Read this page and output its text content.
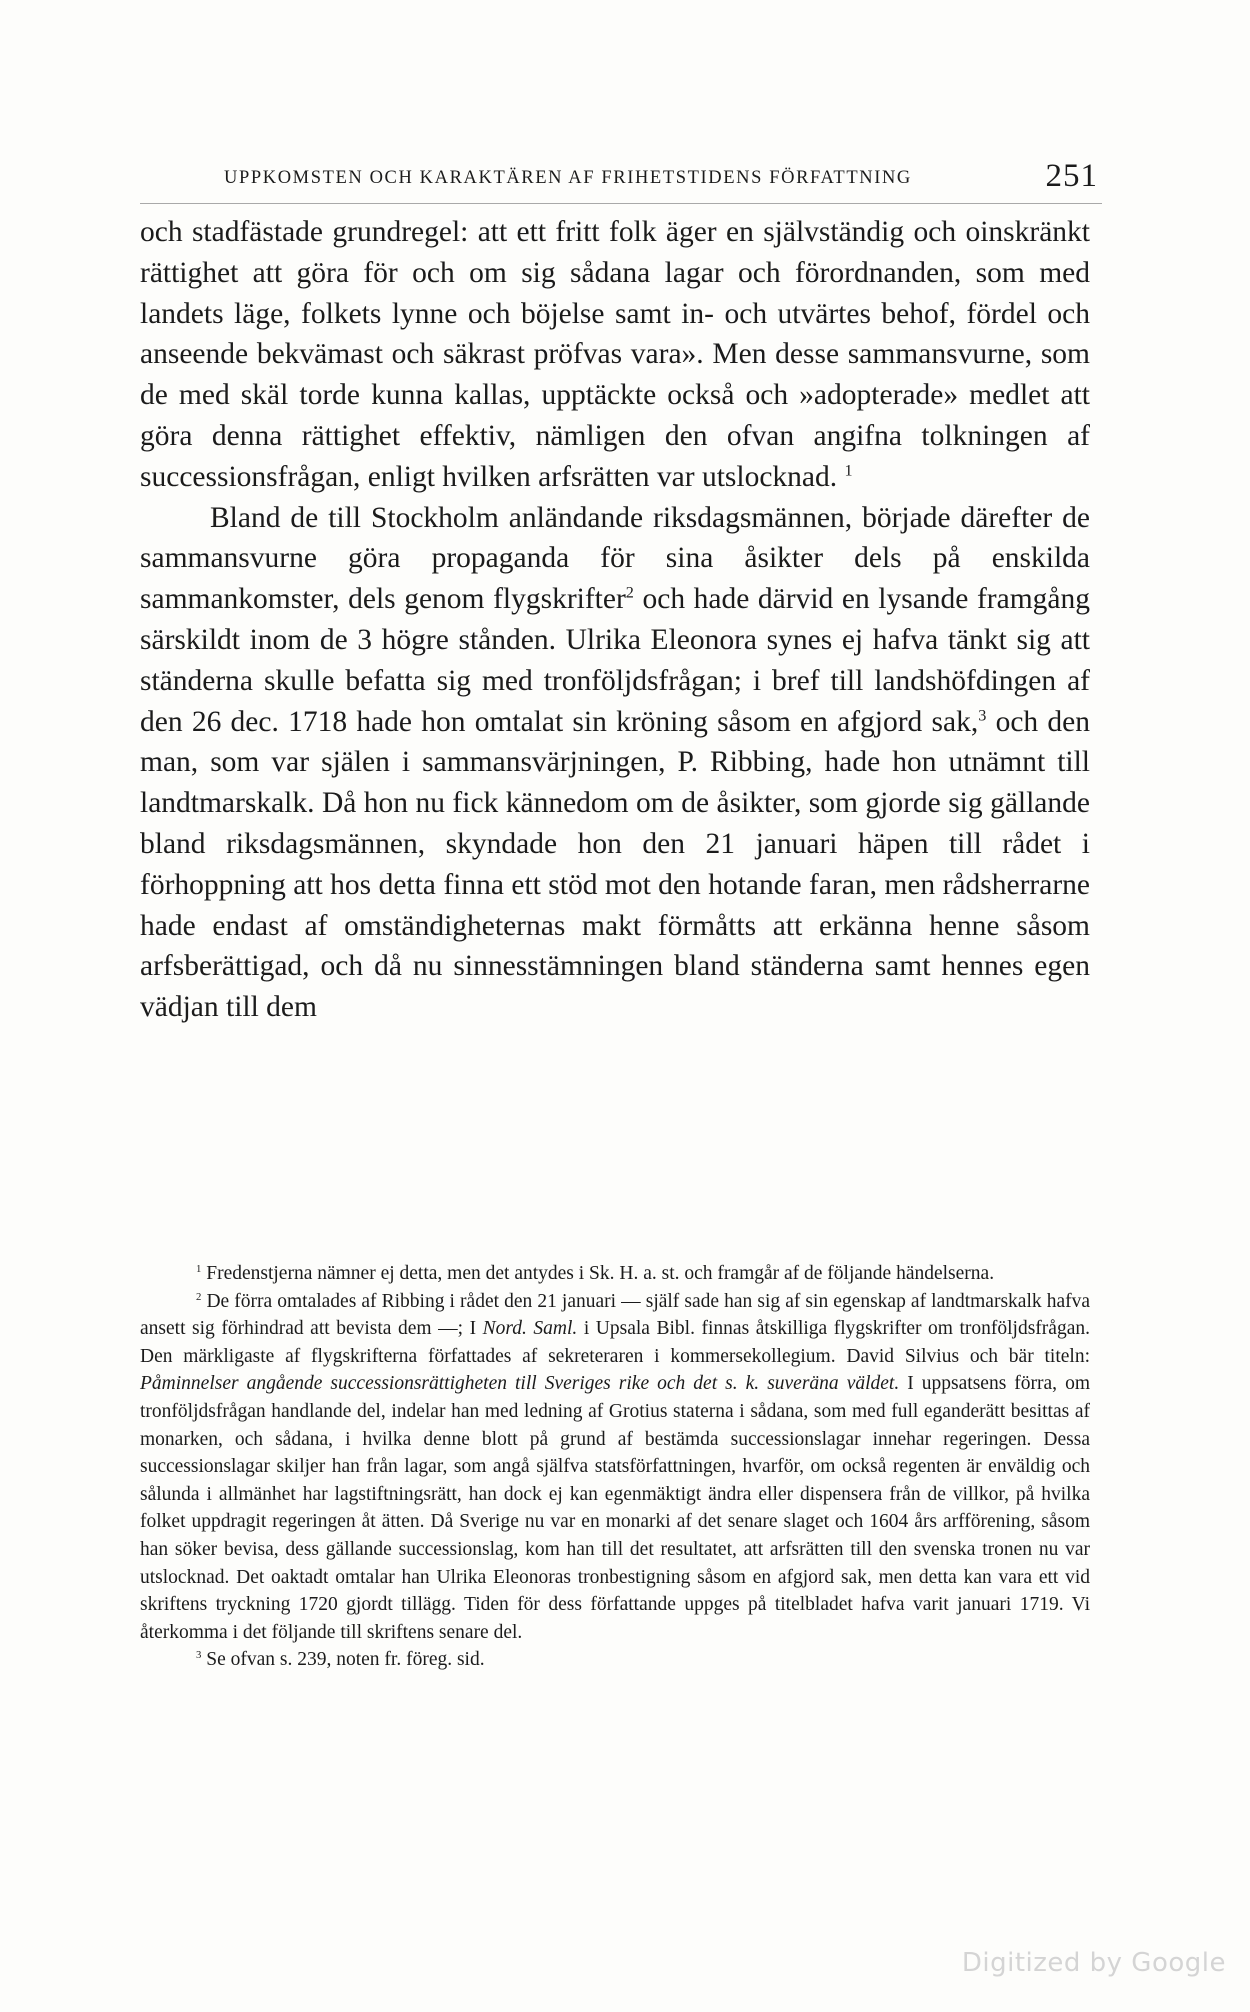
UPPKOMSTEN OCH KARAKTÄREN AF FRIHETSTIDENS FÖRFATTNING	251

och stadfästade grundregel: att ett fritt folk äger en självständig och oinskränkt rättighet att göra för och om sig sådana lagar och förordnanden, som med landets läge, folkets lynne och böjelse samt in- och utvärtes behof, fördel och anseende bekvämast och säkrast pröfvas vara». Men desse sammansvurne, som de med skäl torde kunna kallas, upptäckte också och »adopterade» medlet att göra denna rättighet effektiv, nämligen den ofvan angifna tolkningen af successionsfrågan, enligt hvilken arfsrätten var utslocknad. $^1$

Bland de till Stockholm anländande riksdagsmännen, började därefter de sammansvurne göra propaganda för sina åsikter dels på enskilda sammankomster, dels genom flygskrifter$^2$ och hade därvid en lysande framgång särskildt inom de 3 högre stånden. Ulrika Eleonora synes ej hafva tänkt sig att ständerna skulle befatta sig med tronföljdsfrågan; i bref till landshöfdingen af den 26 dec. 1718 hade hon omtalat sin kröning såsom en afgjord sak,$^3$ och den man, som var själen i sammansvärjningen, P. Ribbing, hade hon utnämnt till landtmarskalk. Då hon nu fick kännedom om de åsikter, som gjorde sig gällande bland riksdagsmännen, skyndade hon den 21 januari häpen till rådet i förhoppning att hos detta finna ett stöd mot den hotande faran, men rådsherrarne hade endast af omständigheternas makt förmåtts att erkänna henne såsom arfsberättigad, och då nu sinnesstämningen bland ständerna samt hennes egen vädjan till dem

$^1$ Fredenstjerna nämner ej detta, men det antydes i Sk. H. a. st. och framgår af de följande händelserna.

$^2$ De förra omtalades af Ribbing i rådet den 21 januari — själf sade han sig af sin egenskap af landtmarskalk hafva ansett sig förhindrad att bevista dem —; I Nord. Saml. i Upsala Bibl. finnas åtskilliga flygskrifter om tronföljdsfrågan. Den märkligaste af flygskrifterna författades af sekreteraren i kommersekollegium. David Silvius och bär titeln: Påminnelser angående successionsrättigheten till Sveriges rike och det s. k. suveräna väldet. I uppsatsens förra, om tronföljdsfrågan handlande del, indelar han med ledning af Grotius staterna i sådana, som med full eganderätt besittas af monarken, och sådana, i hvilka denne blott på grund af bestämda successionslagar innehar regeringen. Dessa successionslagar skiljer han från lagar, som angå själfva statsförfattningen, hvarför, om också regenten är enväldig och sålunda i allmänhet har lagstiftningsrätt, han dock ej kan egenmäktigt ändra eller dispensera från de villkor, på hvilka folket uppdragit regeringen åt ätten. Då Sverige nu var en monarki af det senare slaget och 1604 års arfförening, såsom han söker bevisa, dess gällande successionslag, kom han till det resultatet, att arfsrätten till den svenska tronen nu var utslocknad. Det oaktadt omtalar han Ulrika Eleonoras tronbestigning såsom en afgjord sak, men detta kan vara ett vid skriftens tryckning 1720 gjordt tillägg. Tiden för dess författande uppges på titelbladet hafva varit januari 1719. Vi återkomma i det följande till skriftens senare del.

$^3$ Se ofvan s. 239, noten fr. föreg. sid.

Digitized by Google
